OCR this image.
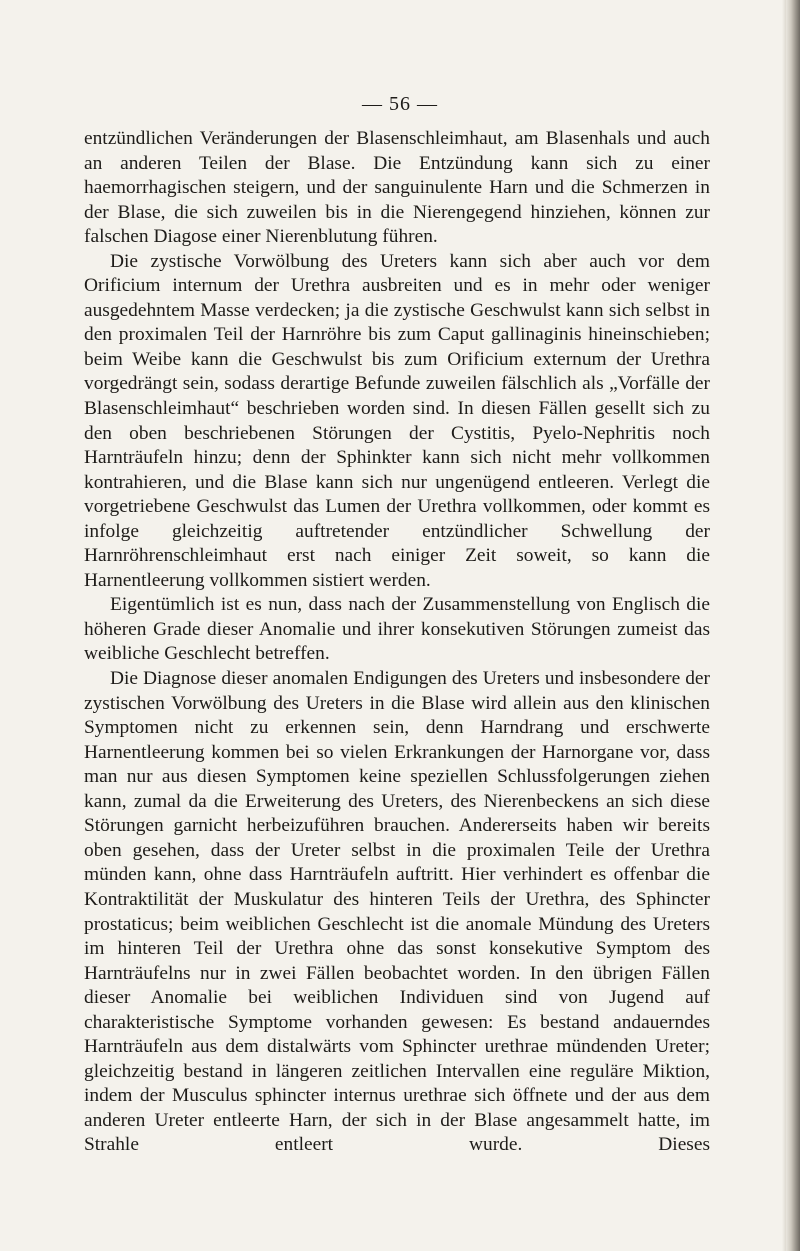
— 56 —

entzündlichen Veränderungen der Blasenschleimhaut, am Blasenhals und auch an anderen Teilen der Blase. Die Entzündung kann sich zu einer haemorrhagischen steigern, und der sanguinulente Harn und die Schmerzen in der Blase, die sich zuweilen bis in die Nierengegend hinziehen, können zur falschen Diagose einer Nierenblutung führen.

Die zystische Vorwölbung des Ureters kann sich aber auch vor dem Orificium internum der Urethra ausbreiten und es in mehr oder weniger ausgedehntem Masse verdecken; ja die zystische Geschwulst kann sich selbst in den proximalen Teil der Harnröhre bis zum Caput gallinaginis hineinschieben; beim Weibe kann die Geschwulst bis zum Orificium externum der Urethra vorgedrängt sein, sodass derartige Befunde zuweilen fälschlich als „Vorfälle der Blasenschleimhaut“ beschrieben worden sind. In diesen Fällen gesellt sich zu den oben beschriebenen Störungen der Cystitis, Pyelo-Nephritis noch Harnträufeln hinzu; denn der Sphinkter kann sich nicht mehr vollkommen kontrahieren, und die Blase kann sich nur ungenügend entleeren. Verlegt die vorgetriebene Geschwulst das Lumen der Urethra vollkommen, oder kommt es infolge gleichzeitig auftretender entzündlicher Schwellung der Harnröhrenschleimhaut erst nach einiger Zeit soweit, so kann die Harnentleerung vollkommen sistiert werden.

Eigentümlich ist es nun, dass nach der Zusammenstellung von Englisch die höheren Grade dieser Anomalie und ihrer konsekutiven Störungen zumeist das weibliche Geschlecht betreffen.

Die Diagnose dieser anomalen Endigungen des Ureters und insbesondere der zystischen Vorwölbung des Ureters in die Blase wird allein aus den klinischen Symptomen nicht zu erkennen sein, denn Harndrang und erschwerte Harnentleerung kommen bei so vielen Erkrankungen der Harnorgane vor, dass man nur aus diesen Symptomen keine speziellen Schlussfolgerungen ziehen kann, zumal da die Erweiterung des Ureters, des Nierenbeckens an sich diese Störungen garnicht herbeizuführen brauchen. Andererseits haben wir bereits oben gesehen, dass der Ureter selbst in die proximalen Teile der Urethra münden kann, ohne dass Harnträufeln auftritt. Hier verhindert es offenbar die Kontraktilität der Muskulatur des hinteren Teils der Urethra, des Sphincter prostaticus; beim weiblichen Geschlecht ist die anomale Mündung des Ureters im hinteren Teil der Urethra ohne das sonst konsekutive Symptom des Harnträufelns nur in zwei Fällen beobachtet worden. In den übrigen Fällen dieser Anomalie bei weiblichen Individuen sind von Jugend auf charakteristische Symptome vorhanden gewesen: Es bestand andauerndes Harnträufeln aus dem distalwärts vom Sphincter urethrae mündenden Ureter; gleichzeitig bestand in längeren zeitlichen Intervallen eine reguläre Miktion, indem der Musculus sphincter internus urethrae sich öffnete und der aus dem anderen Ureter entleerte Harn, der sich in der Blase angesammelt hatte, im Strahle entleert wurde. Dieses
